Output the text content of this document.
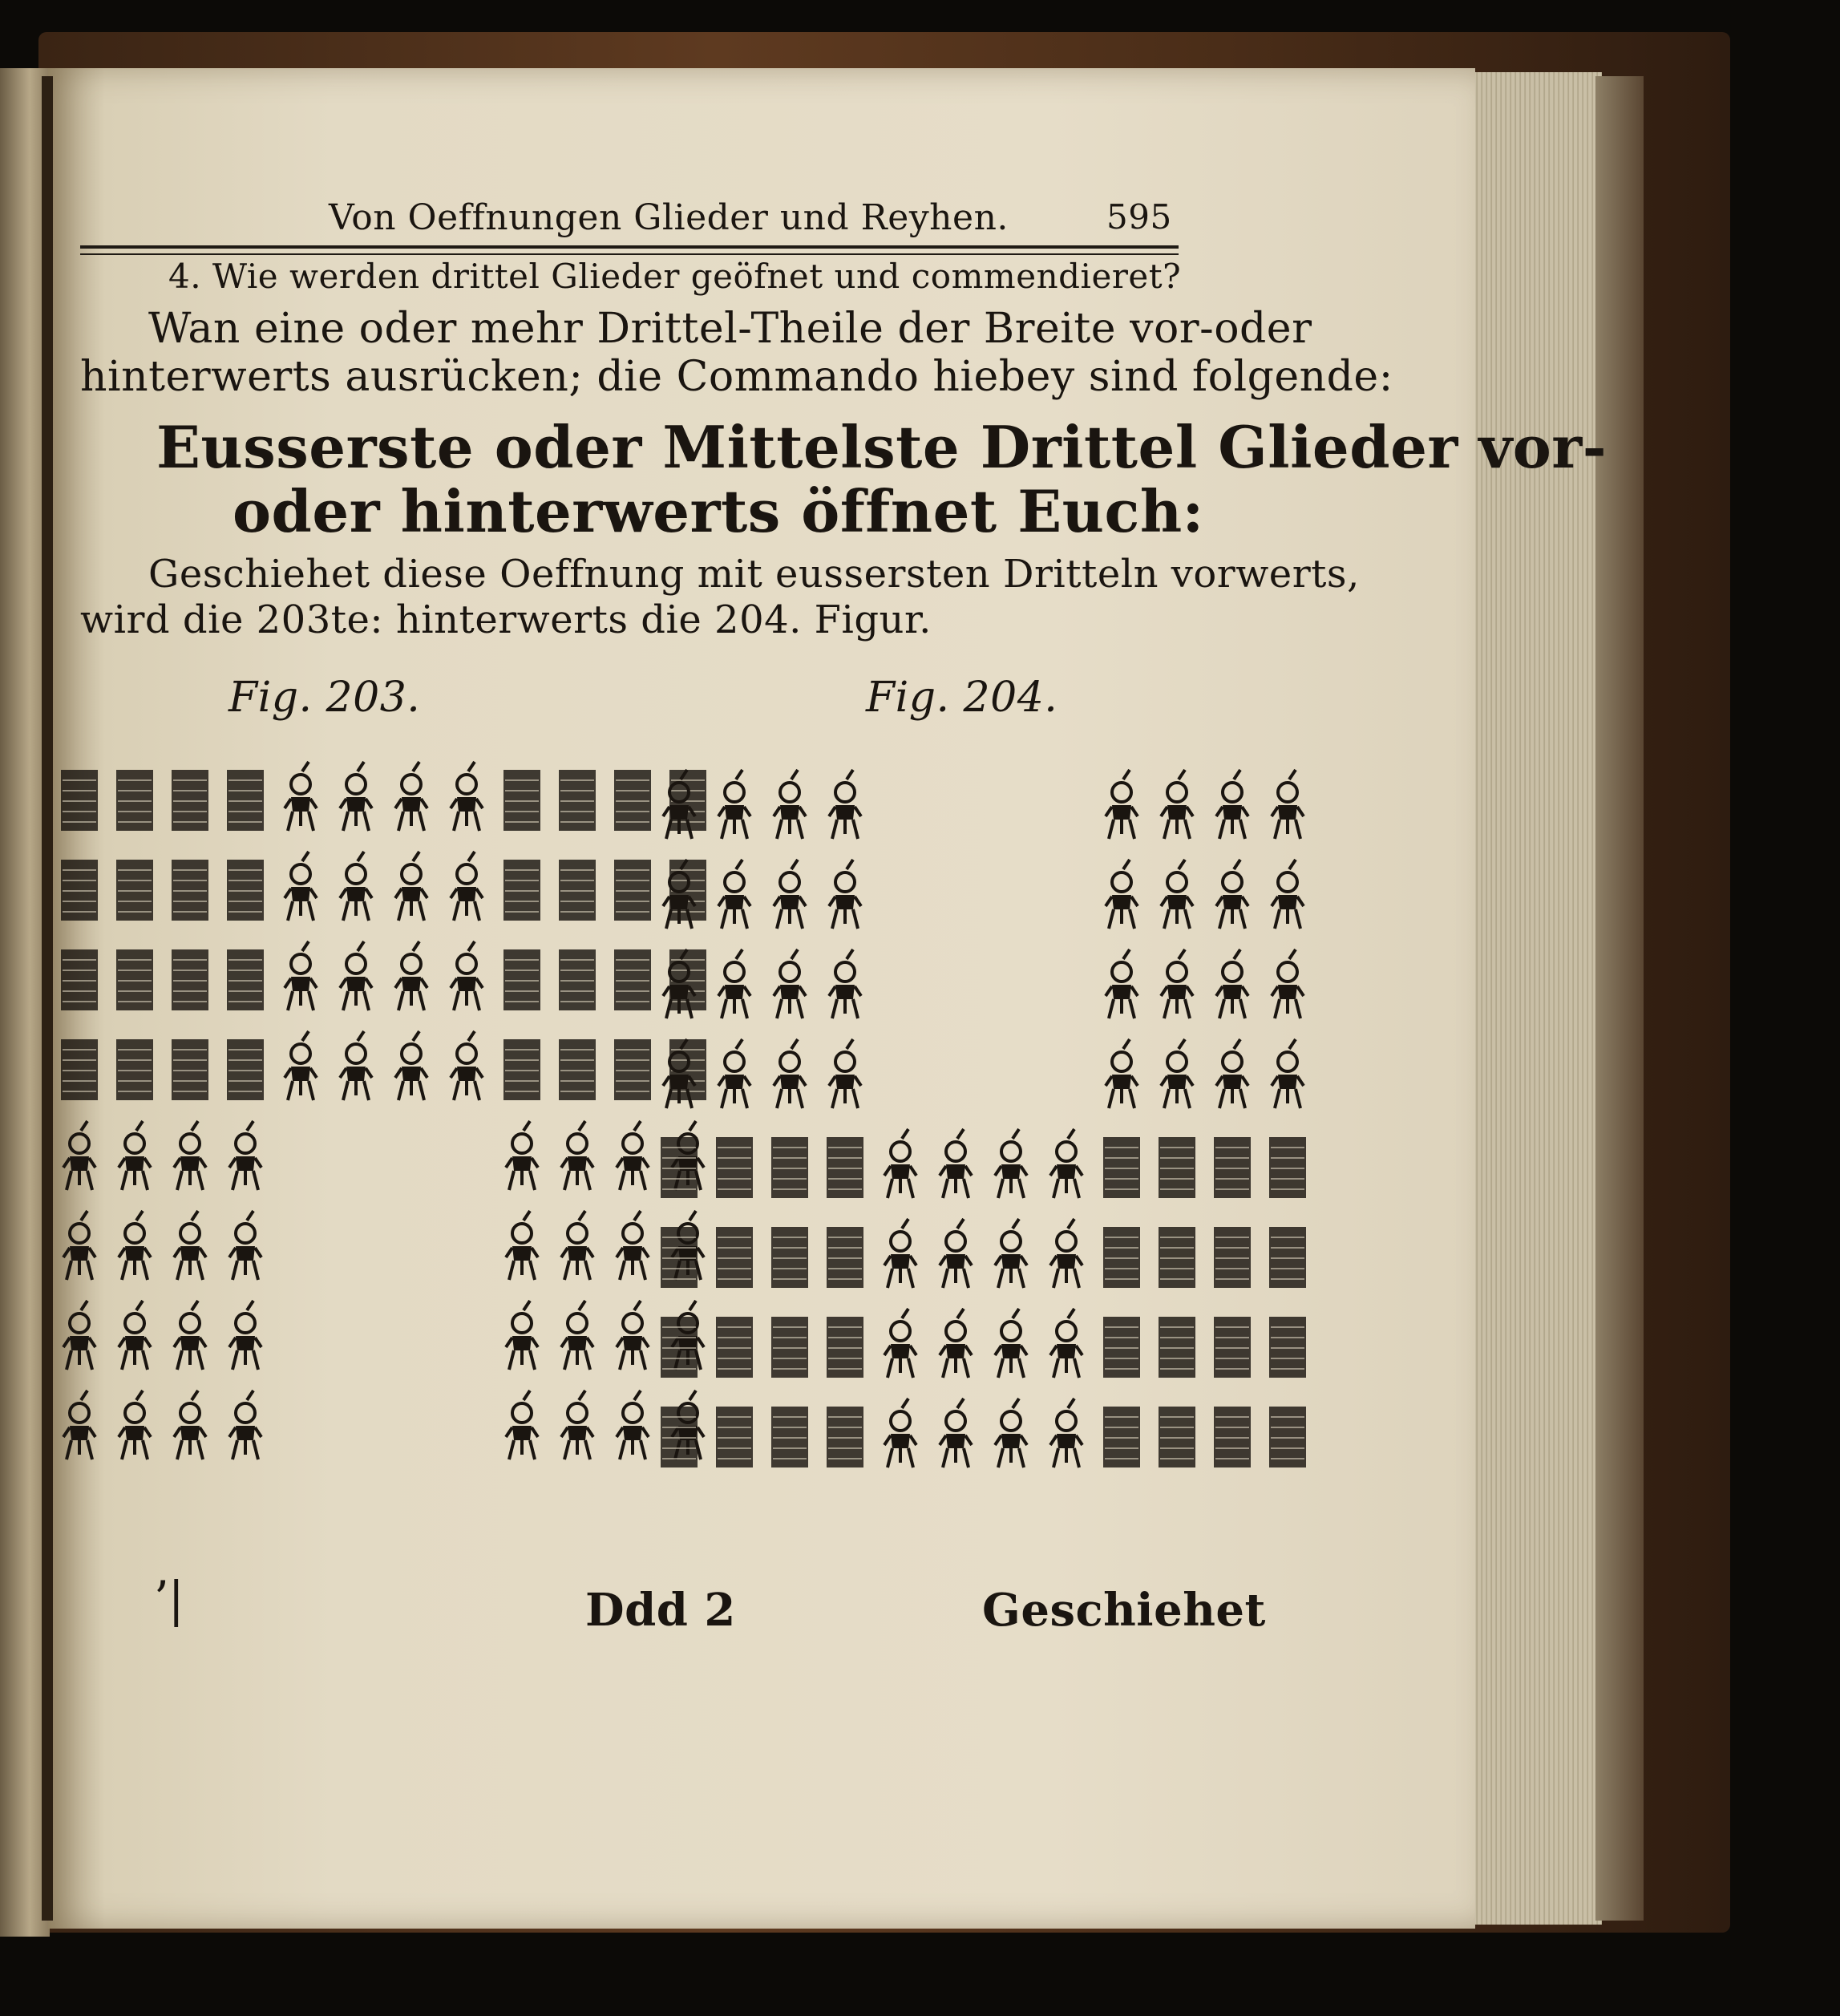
Von Oeffnungen Glieder und Reyhen.	595
4. Wie werden drittel Glieder geöfnet und commendieret?
Wan eine oder mehr Drittel-Theile der Breite vor-oder
hinterwerts ausrücken; die Commando hiebey sind folgende:
Eusserste oder Mittelste Drittel Glieder vor-
oder hinterwerts öffnet Euch:
Geschiehet diese Oeffnung mit eussersten Dritteln vorwerts,
wird die 203te: hinterwerts die 204. Figur.
Fig. 203.	Fig. 204.
ʼ|	Ddd 2	Geschiehet
